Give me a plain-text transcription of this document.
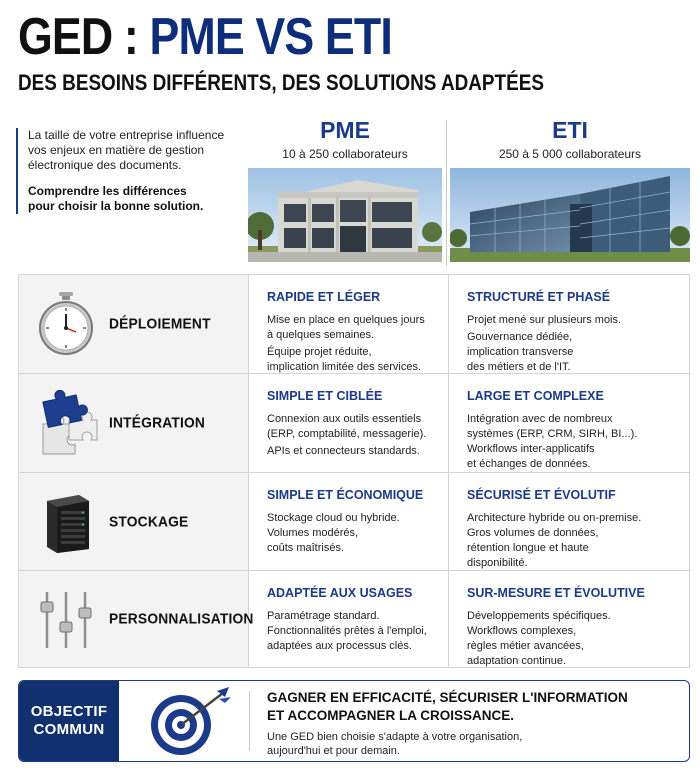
GED : PME VS ETI
DES BESOINS DIFFÉRENTS, DES SOLUTIONS ADAPTÉES

La taille de votre entreprise influence vos enjeux en matière de gestion électronique des documents.

Comprendre les différences
pour choisir la bonne solution.

PME
10 à 250 collaborateurs
ETI
250 à 5 000 collaborateurs
DÉPLOIEMENT
RAPIDE ET LÉGER

Mise en place en quelques jours
à quelques semaines.

Équipe projet réduite,
implication limitée des services.

STRUCTURÉ ET PHASÉ

Projet mené sur plusieurs mois.

Gouvernance dédiée,
implication transverse
des métiers et de l'IT.

INTÉGRATION
SIMPLE ET CIBLÉE

Connexion aux outils essentiels
(ERP, comptabilité, messagerie).

APIs et connecteurs standards.

LARGE ET COMPLEXE

Intégration avec de nombreux
systèmes (ERP, CRM, SIRH, BI...).
Workflows inter-applicatifs
et échanges de données.

STOCKAGE
SIMPLE ET ÉCONOMIQUE

Stockage cloud ou hybride.
Volumes modérés,
coûts maîtrisés.

SÉCURISÉ ET ÉVOLUTIF

Architecture hybride ou on-premise.
Gros volumes de données,
rétention longue et haute
disponibilité.

PERSONNALISATION
ADAPTÉE AUX USAGES

Paramétrage standard.
Fonctionnalités prêtes à l'emploi,
adaptées aux processus clés.

SUR-MESURE ET ÉVOLUTIVE

Développements spécifiques.
Workflows complexes,
règles métier avancées,
adaptation continue.

OBJECTIF
COMMUN
GAGNER EN EFFICACITÉ, SÉCURISER L'INFORMATION
ET ACCOMPAGNER LA CROISSANCE.

Une GED bien choisie s'adapte à votre organisation,
aujourd'hui et pour demain.
